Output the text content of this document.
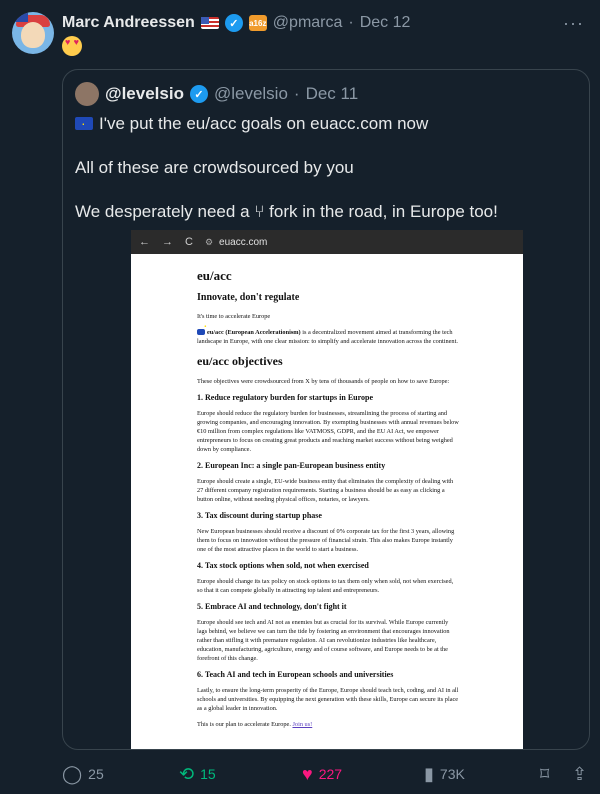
Marc Andreessen	✓	a16z @pmarca · Dec 12	···
♥ ♥
@levelsio ✓ @levelsio · Dec 11

·I've put the eu/acc goals on euacc.com now

All of these are crowdsourced by you

We desperately need a ⑂ fork in the road, in Europe too!

← → C ⚙ euacc.com
eu/acc
Innovate, don't regulate

It's time to accelerate Europe

·eu/acc (European Accelerationism) is a decentralized movement aimed at transforming the tech landscape in Europe, with one clear mission: to simplify and accelerate innovation across the continent.

eu/acc objectives

These objectives were crowdsourced from X by tens of thousands of people on how to save Europe:

1. Reduce regulatory burden for startups in Europe

Europe should reduce the regulatory burden for businesses, streamlining the process of starting and growing companies, and encouraging innovation. By exempting businesses with annual revenues below €10 million from complex regulations like VATMOSS, GDPR, and the EU AI Act, we empower entrepreneurs to focus on creating great products and reaching market success without being weighed down by compliance.

2. European Inc: a single pan-European business entity

Europe should create a single, EU-wide business entity that eliminates the complexity of dealing with 27 different company registration requirements. Starting a business should be as easy as clicking a button online, without needing physical offices, notaries, or lawyers.

3. Tax discount during startup phase

New European businesses should receive a discount of 0% corporate tax for the first 3 years, allowing them to focus on innovation without the pressure of financial strain. This also makes Europe instantly one of the most attractive places in the world to start a business.

4. Tax stock options when sold, not when exercised

Europe should change its tax policy on stock options to tax them only when sold, not when exercised, so that it can compete globally in attracting top talent and entrepreneurs.

5. Embrace AI and technology, don't fight it

Europe should see tech and AI not as enemies but as crucial for its survival. While Europe currently lags behind, we believe we can turn the tide by fostering an environment that encourages innovation rather than stifling it with premature regulation. AI can revolutionize industries like healthcare, education, manufacturing, agriculture, energy and of course software, and Europe needs to be at the forefront of this change.

6. Teach AI and tech in European schools and universities

Lastly, to ensure the long-term prosperity of the Europe, Europe should teach tech, coding, and AI in all schools and universities. By equipping the next generation with these skills, Europe can secure its place as a global leader in innovation.

This is our plan to accelerate Europe. Join us!

◯ 25	⟲ 15	♥ 227	▮ 73K	⌑ ⇪
